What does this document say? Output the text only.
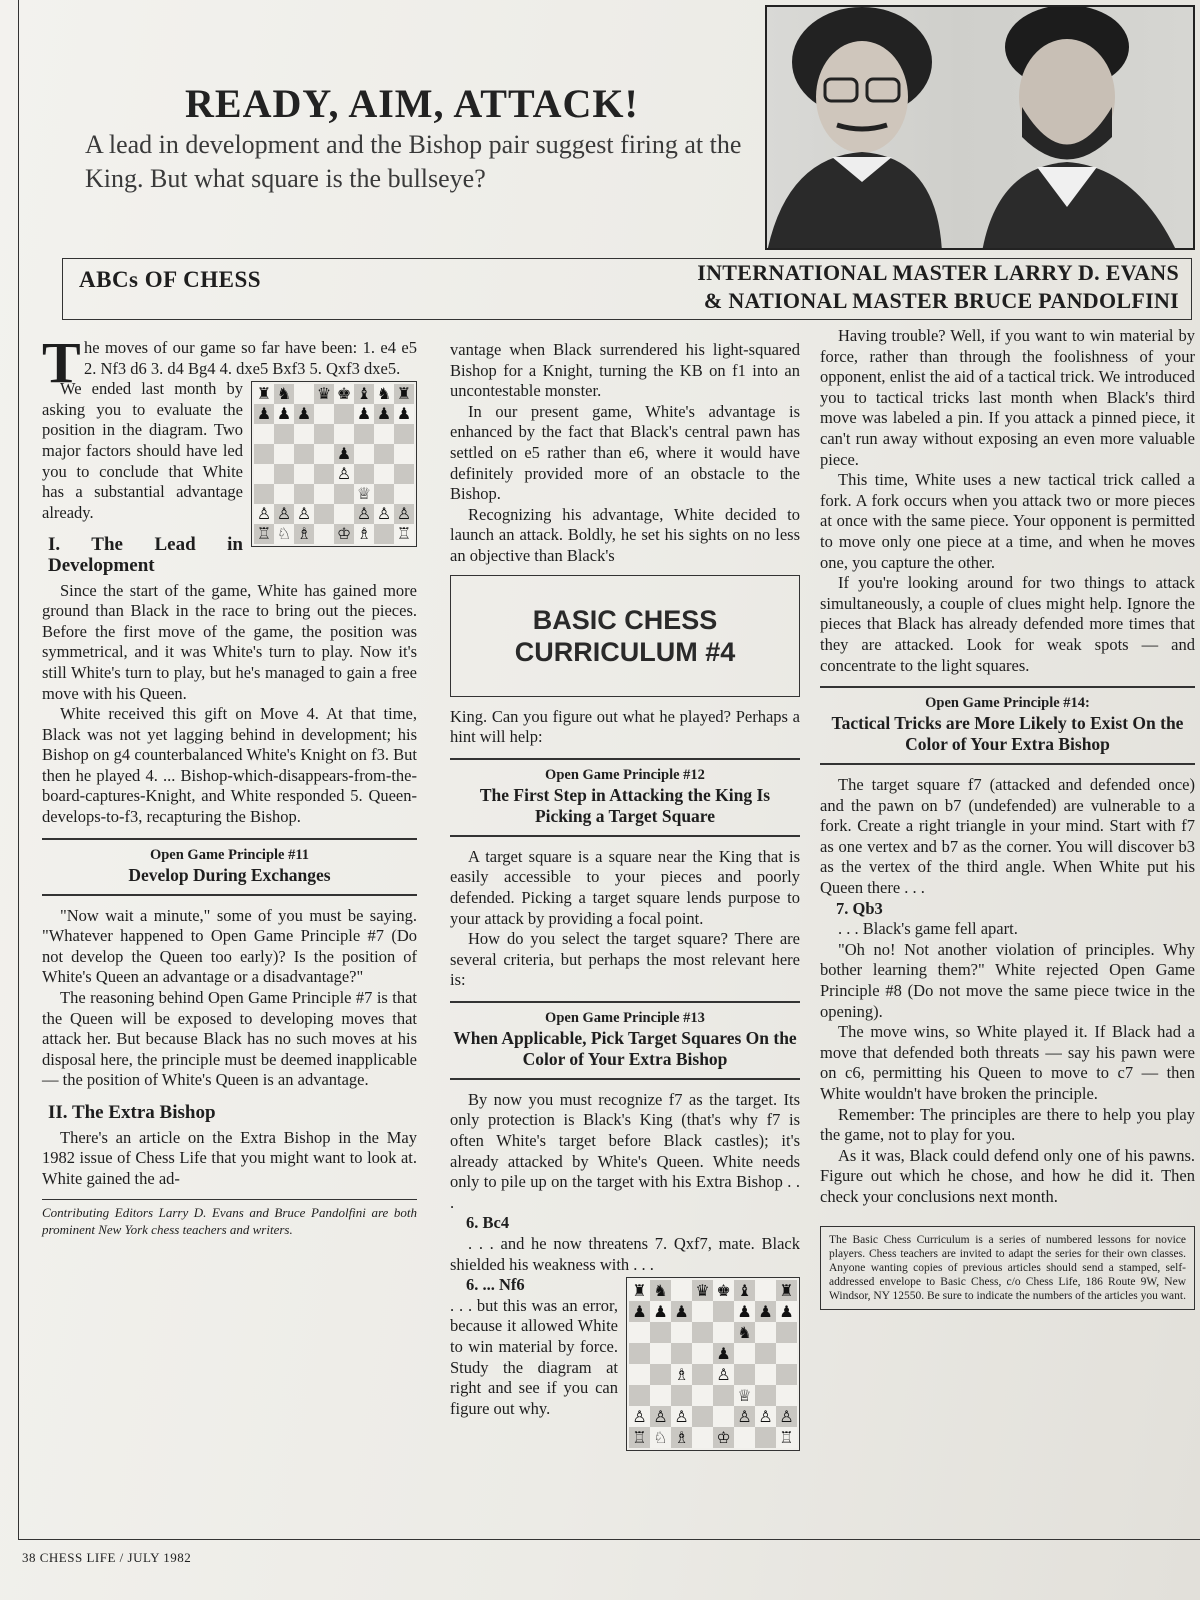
READY, AIM, ATTACK!
A lead in development and the Bishop pair suggest firing at the King. But what square is the bullseye?
ABCs OF CHESS	INTERNATIONAL MASTER LARRY D. EVANS
& NATIONAL MASTER BRUCE PANDOLFINI
T he moves of our game so far have been: 1. e4 e5 2. Nf3 d6 3. d4 Bg4 4. dxe5 Bxf3 5. Qxf3 dxe5.

♜ ♞ ♛ ♚ ♝ ♞ ♜
♟ ♟ ♟	♟ ♟ ♟
♟
♙
♕
♙ ♙ ♙	♙ ♙ ♙
♖ ♘ ♗ ♔ ♗ ♖

We ended last month by asking you to evaluate the position in the diagram. Two major factors should have led you to conclude that White has a substantial advantage already.

I. The Lead in Development

Since the start of the game, White has gained more ground than Black in the race to bring out the pieces. Before the first move of the game, the position was symmetrical, and it was White's turn to play. Now it's still White's turn to play, but he's managed to gain a free move with his Queen.

White received this gift on Move 4. At that time, Black was not yet lagging behind in development; his Bishop on g4 counterbalanced White's Knight on f3. But then he played 4. ... Bishop-which-disappears-from-the-board-captures-Knight, and White responded 5. Queen-develops-to-f3, recapturing the Bishop.

Open Game Principle #11
Develop During Exchanges

"Now wait a minute," some of you must be saying. "Whatever happened to Open Game Principle #7 (Do not develop the Queen too early)? Is the position of White's Queen an advantage or a disadvantage?"

The reasoning behind Open Game Principle #7 is that the Queen will be exposed to developing moves that attack her. But because Black has no such moves at his disposal here, the principle must be deemed inapplicable — the position of White's Queen is an advantage.

II. The Extra Bishop

There's an article on the Extra Bishop in the May 1982 issue of Chess Life that you might want to look at. White gained the ad-

Contributing Editors Larry D. Evans and Bruce Pandolfini are both prominent New York chess teachers and writers.

vantage when Black surrendered his light-squared Bishop for a Knight, turning the KB on f1 into an uncontestable monster.

In our present game, White's advantage is enhanced by the fact that Black's central pawn has settled on e5 rather than e6, where it would have definitely provided more of an obstacle to the Bishop.

Recognizing his advantage, White decided to launch an attack. Boldly, he set his sights on no less an objective than Black's

BASIC CHESS
CURRICULUM #4

King. Can you figure out what he played? Perhaps a hint will help:

Open Game Principle #12
The First Step in Attacking the King Is Picking a Target Square

A target square is a square near the King that is easily accessible to your pieces and poorly defended. Picking a target square lends purpose to your attack by providing a focal point.

How do you select the target square? There are several criteria, but perhaps the most relevant here is:

Open Game Principle #13
When Applicable, Pick Target Squares On the Color of Your Extra Bishop

By now you must recognize f7 as the target. Its only protection is Black's King (that's why f7 is often White's target before Black castles); it's already attacked by White's Queen. White needs only to pile up on the target with his Extra Bishop . . .

6. Bc4

. . . and he now threatens 7. Qxf7, mate. Black shielded his weakness with . . .

♜ ♞ ♛ ♚ ♝ ♜
♟ ♟ ♟	♟ ♟ ♟
♞
♟
♗ ♙
♕
♙ ♙ ♙	♙ ♙ ♙
♖ ♘ ♗ ♔	♖
6. ... Nf6

. . . but this was an error, because it allowed White to win material by force. Study the diagram at right and see if you can figure out why.

Having trouble? Well, if you want to win material by force, rather than through the foolishness of your opponent, enlist the aid of a tactical trick. We introduced you to tactical tricks last month when Black's third move was labeled a pin. If you attack a pinned piece, it can't run away without exposing an even more valuable piece.

This time, White uses a new tactical trick called a fork. A fork occurs when you attack two or more pieces at once with the same piece. Your opponent is permitted to move only one piece at a time, and when he moves one, you capture the other.

If you're looking around for two things to attack simultaneously, a couple of clues might help. Ignore the pieces that Black has already defended more times that they are attacked. Look for weak spots — and concentrate to the light squares.

Open Game Principle #14:
Tactical Tricks are More Likely to Exist On the Color of Your Extra Bishop

The target square f7 (attacked and defended once) and the pawn on b7 (undefended) are vulnerable to a fork. Create a right triangle in your mind. Start with f7 as one vertex and b7 as the corner. You will discover b3 as the vertex of the third angle. When White put his Queen there . . .

7. Qb3

. . . Black's game fell apart.

"Oh no! Not another violation of principles. Why bother learning them?" White rejected Open Game Principle #8 (Do not move the same piece twice in the opening).

The move wins, so White played it. If Black had a move that defended both threats — say his pawn were on c6, permitting his Queen to move to c7 — then White wouldn't have broken the principle.

Remember: The principles are there to help you play the game, not to play for you.

As it was, Black could defend only one of his pawns. Figure out which he chose, and how he did it. Then check your conclusions next month.

The Basic Chess Curriculum is a series of numbered lessons for novice players. Chess teachers are invited to adapt the series for their own classes. Anyone wanting copies of previous articles should send a stamped, self-addressed envelope to Basic Chess, c/o Chess Life, 186 Route 9W, New Windsor, NY 12550. Be sure to indicate the numbers of the articles you want.
38 CHESS LIFE / JULY 1982
